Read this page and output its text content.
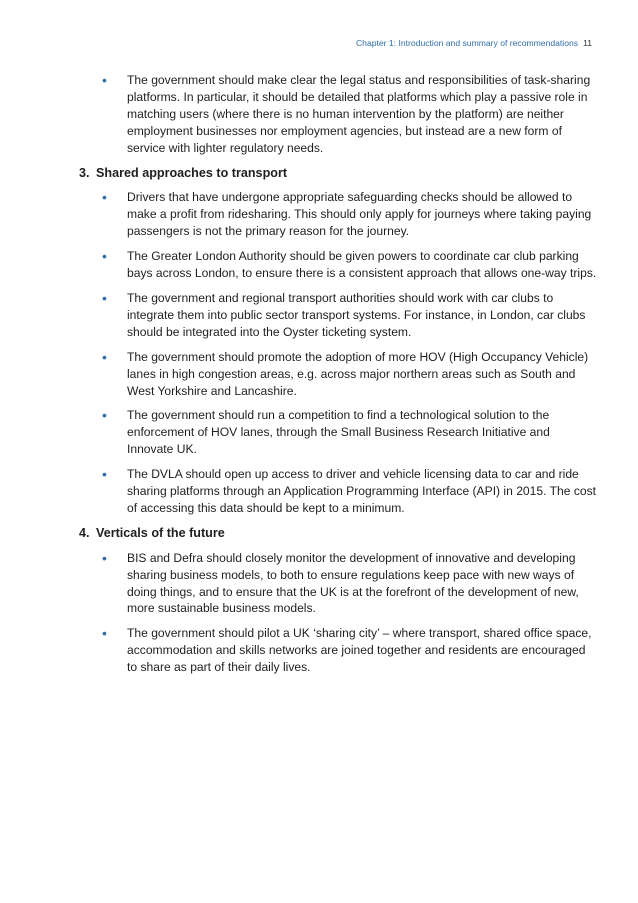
Chapter 1: Introduction and summary of recommendations 11
• The government should make clear the legal status and responsibilities of task-sharing platforms. In particular, it should be detailed that platforms which play a passive role in matching users (where there is no human intervention by the platform) are neither employment businesses nor employment agencies, but instead are a new form of service with lighter regulatory needs.
3. Shared approaches to transport
• Drivers that have undergone appropriate safeguarding checks should be allowed to make a profit from ridesharing. This should only apply for journeys where taking paying passengers is not the primary reason for the journey.
• The Greater London Authority should be given powers to coordinate car club parking bays across London, to ensure there is a consistent approach that allows one-way trips.
• The government and regional transport authorities should work with car clubs to integrate them into public sector transport systems. For instance, in London, car clubs should be integrated into the Oyster ticketing system.
• The government should promote the adoption of more HOV (High Occupancy Vehicle) lanes in high congestion areas, e.g. across major northern areas such as South and West Yorkshire and Lancashire.
• The government should run a competition to find a technological solution to the enforcement of HOV lanes, through the Small Business Research Initiative and Innovate UK.
• The DVLA should open up access to driver and vehicle licensing data to car and ride sharing platforms through an Application Programming Interface (API) in 2015. The cost of accessing this data should be kept to a minimum.
4. Verticals of the future
• BIS and Defra should closely monitor the development of innovative and developing sharing business models, to both to ensure regulations keep pace with new ways of doing things, and to ensure that the UK is at the forefront of the development of new, more sustainable business models.
• The government should pilot a UK ‘sharing city’ – where transport, shared office space, accommodation and skills networks are joined together and residents are encouraged to share as part of their daily lives.
